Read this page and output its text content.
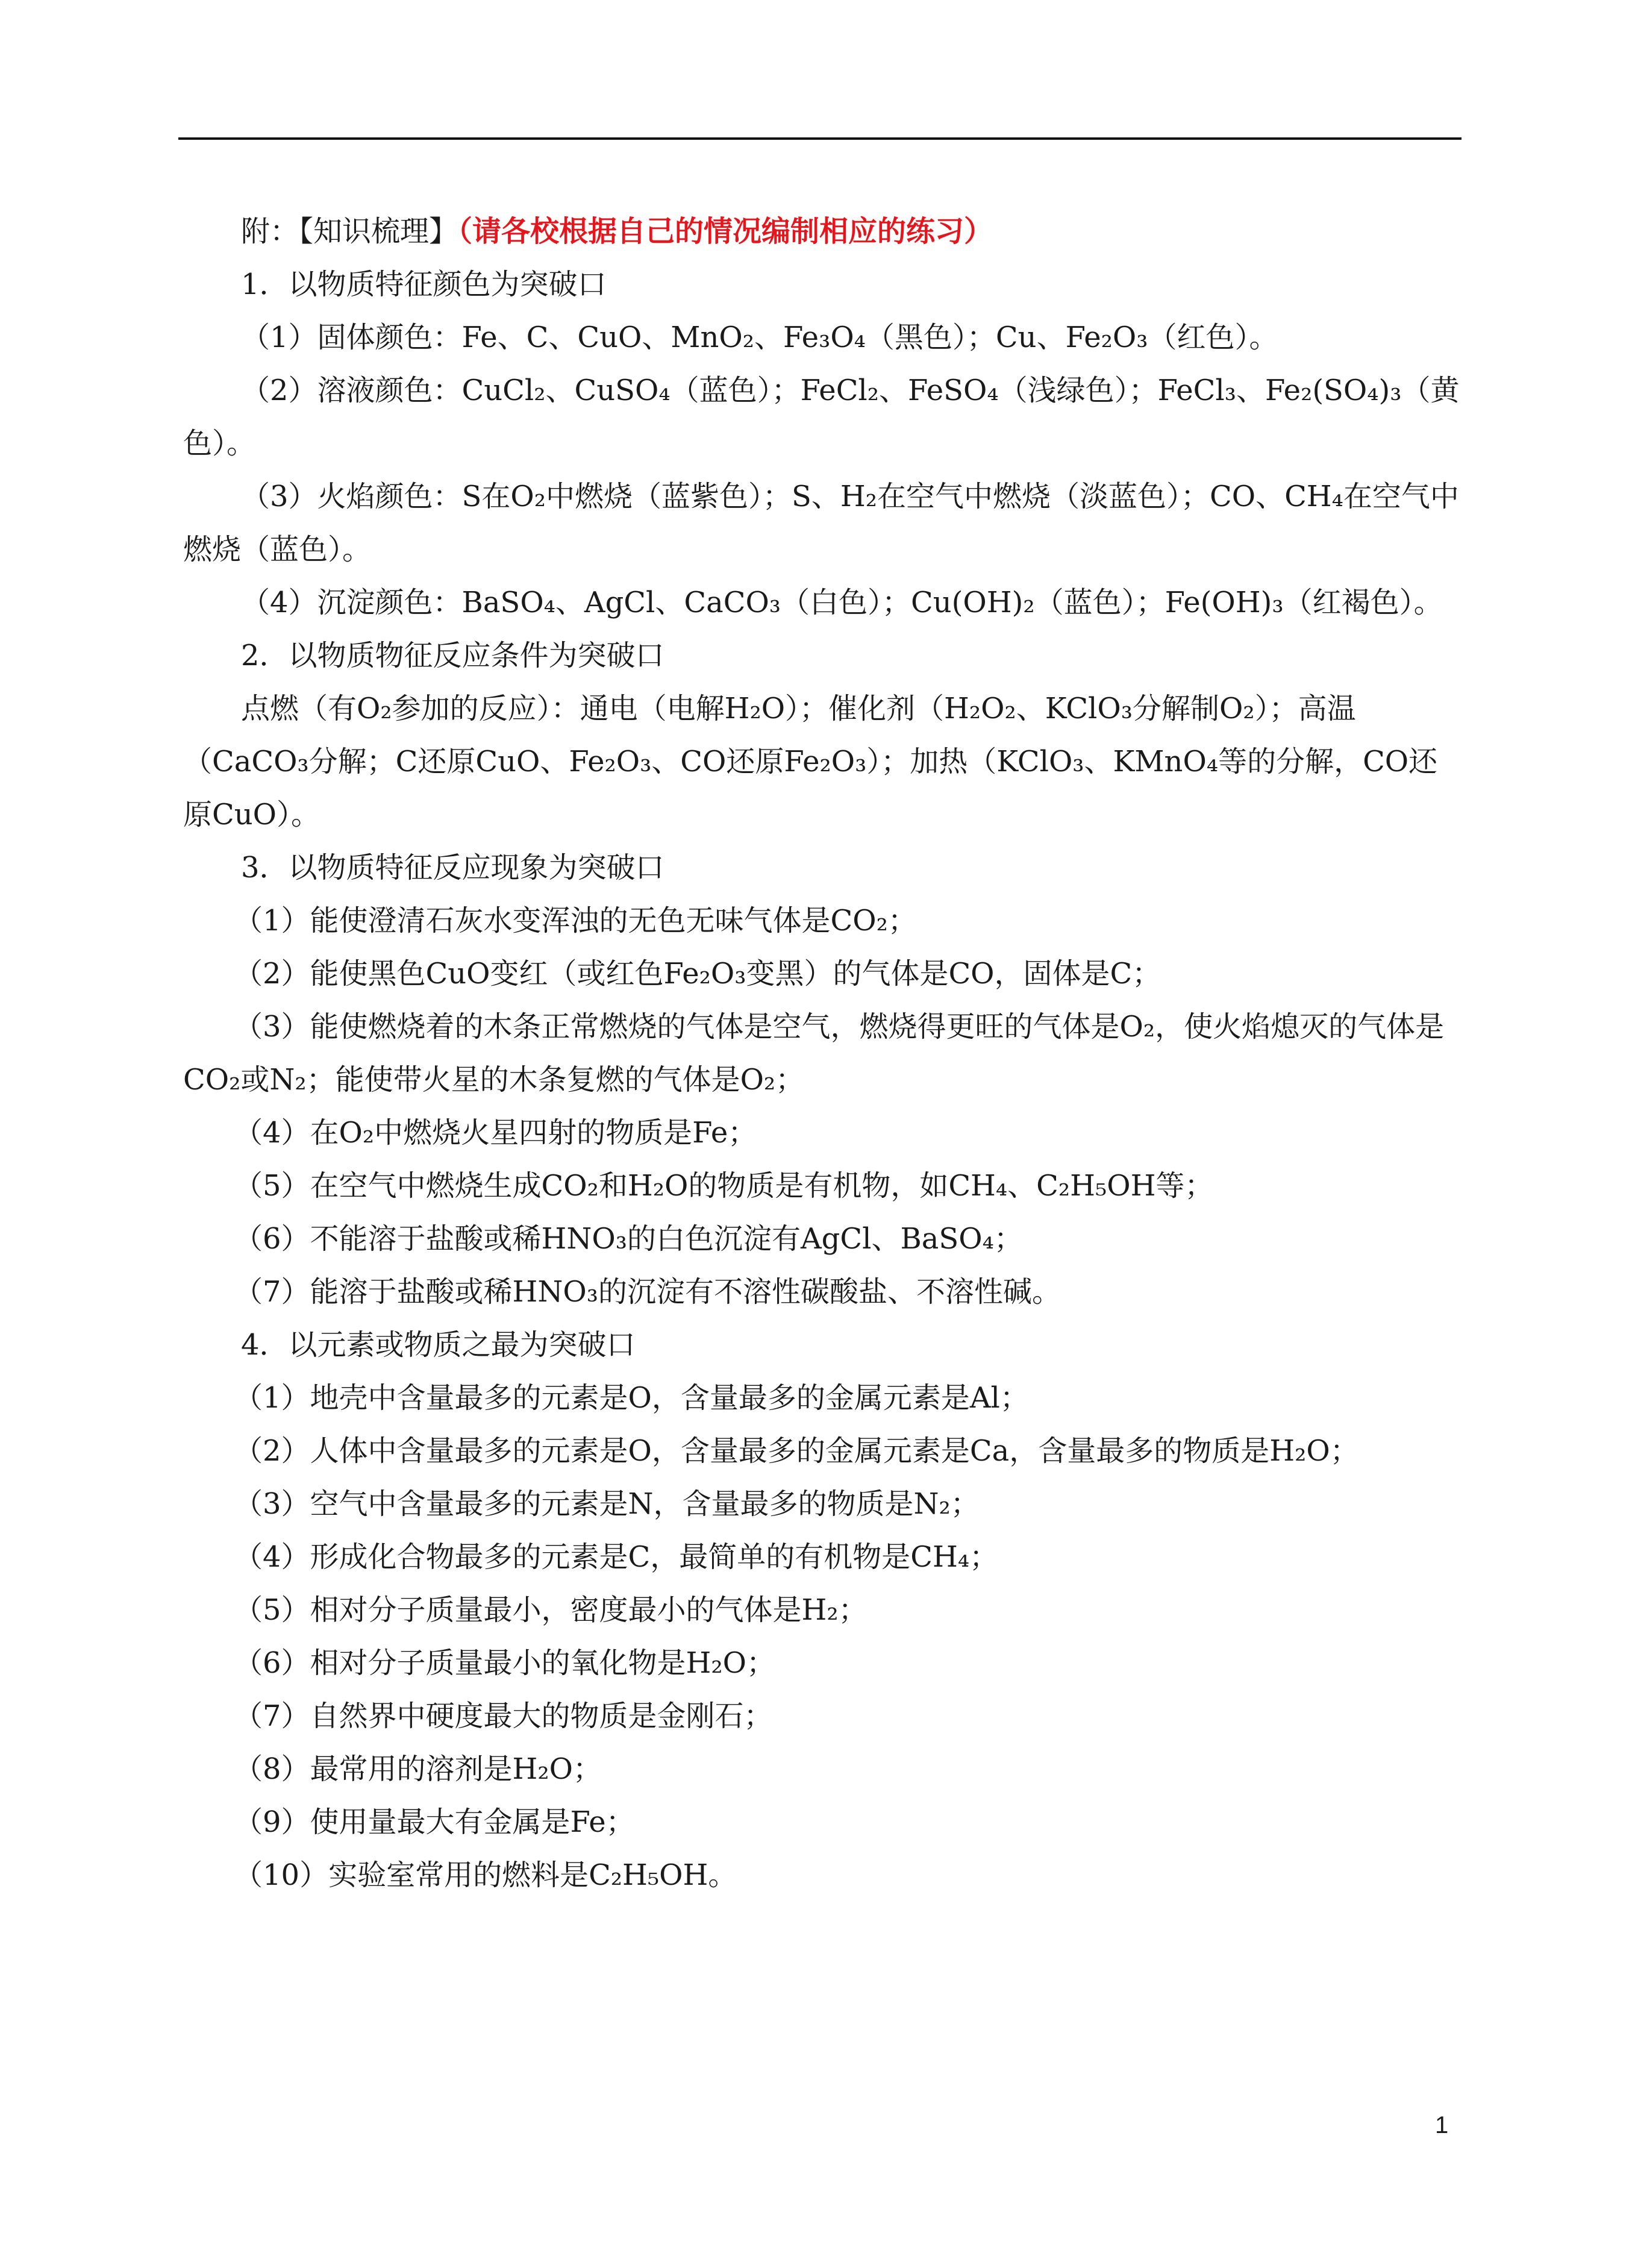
附：【知识梳理】（请各校根据自己的情况编制相应的练习）
1．以物质特征颜色为突破口
（1）固体颜色：Fe、C、CuO、MnO₂、Fe₃O₄（黑色）；Cu、Fe₂O₃（红色）。
（2）溶液颜色：CuCl₂、CuSO₄（蓝色）；FeCl₂、FeSO₄（浅绿色）；FeCl₃、Fe₂(SO₄)₃（黄色）。
（3）火焰颜色：S在O₂中燃烧（蓝紫色）；S、H₂在空气中燃烧（淡蓝色）；CO、CH₄在空气中燃烧（蓝色）。
（4）沉淀颜色：BaSO₄、AgCl、CaCO₃（白色）；Cu(OH)₂（蓝色）；Fe(OH)₃（红褐色）。
2．以物质物征反应条件为突破口
点燃（有O₂参加的反应）：通电（电解H₂O）；催化剂（H₂O₂、KClO₃分解制O₂）；高温（CaCO₃分解；C还原CuO、Fe₂O₃、CO还原Fe₂O₃）；加热（KClO₃、KMnO₄等的分解，CO还原CuO）。
3．以物质特征反应现象为突破口
（1）能使澄清石灰水变浑浊的无色无味气体是CO₂；
（2）能使黑色CuO变红（或红色Fe₂O₃变黑）的气体是CO，固体是C；
（3）能使燃烧着的木条正常燃烧的气体是空气，燃烧得更旺的气体是O₂，使火焰熄灭的气体是CO₂或N₂；能使带火星的木条复燃的气体是O₂；
（4）在O₂中燃烧火星四射的物质是Fe；
（5）在空气中燃烧生成CO₂和H₂O的物质是有机物，如CH₄、C₂H₅OH等；
（6）不能溶于盐酸或稀HNO₃的白色沉淀有AgCl、BaSO₄；
（7）能溶于盐酸或稀HNO₃的沉淀有不溶性碳酸盐、不溶性碱。
4．以元素或物质之最为突破口
（1）地壳中含量最多的元素是O，含量最多的金属元素是Al；
（2）人体中含量最多的元素是O，含量最多的金属元素是Ca，含量最多的物质是H₂O；
（3）空气中含量最多的元素是N，含量最多的物质是N₂；
（4）形成化合物最多的元素是C，最简单的有机物是CH₄；
（5）相对分子质量最小，密度最小的气体是H₂；
（6）相对分子质量最小的氧化物是H₂O；
（7）自然界中硬度最大的物质是金刚石；
（8）最常用的溶剂是H₂O；
（9）使用量最大有金属是Fe；
（10）实验室常用的燃料是C₂H₅OH。
1
